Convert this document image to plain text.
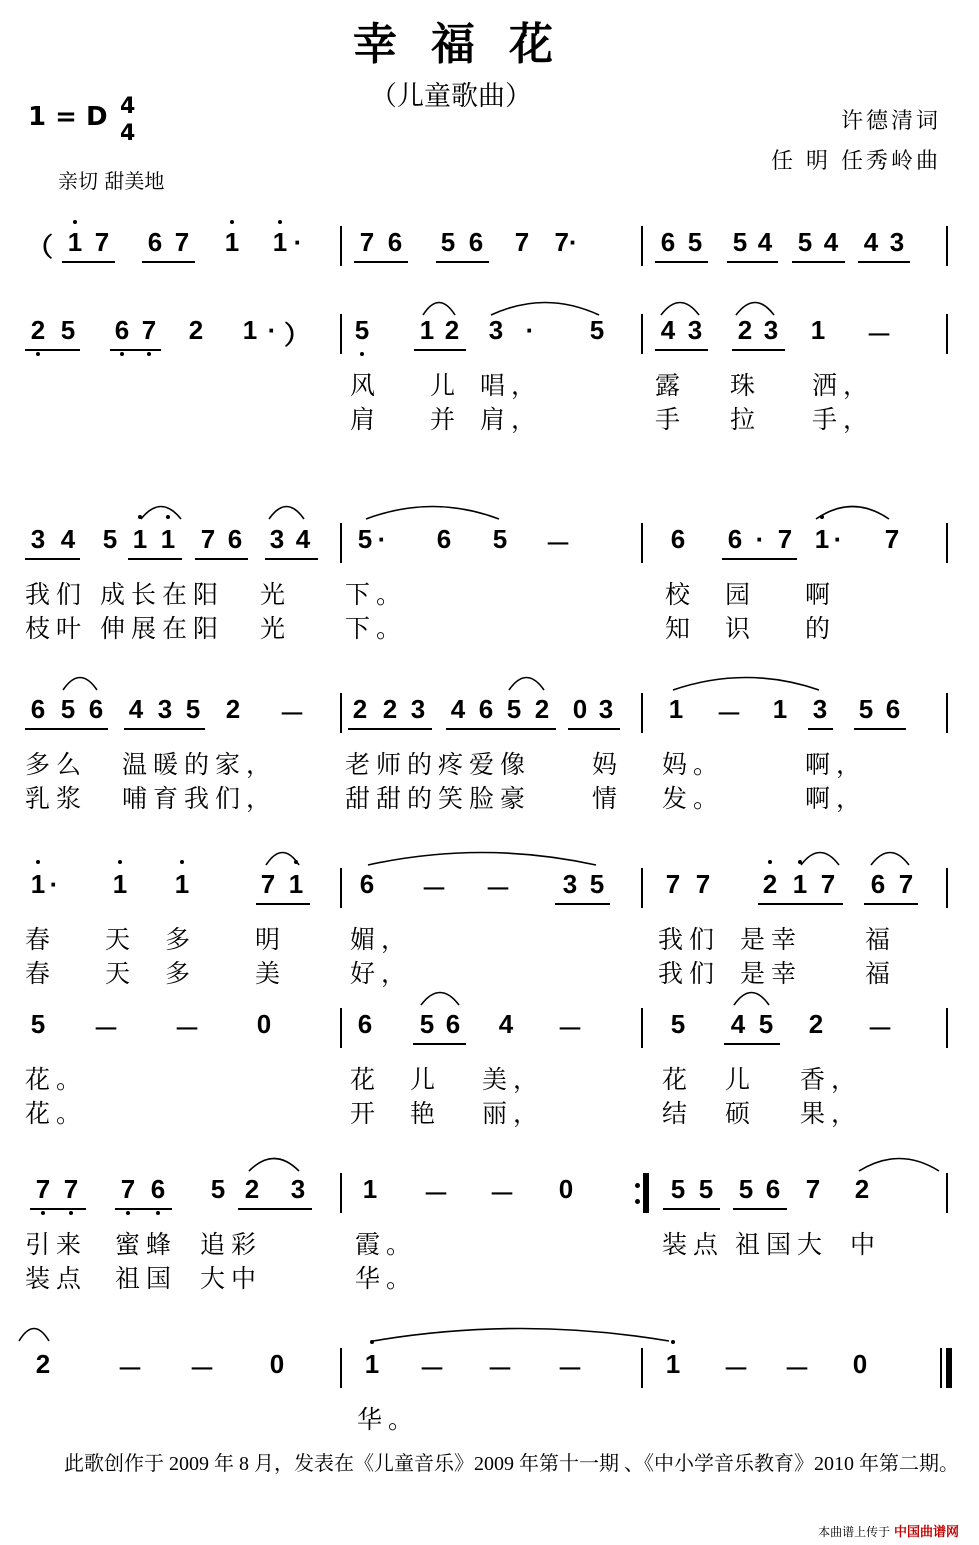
幸福花
（儿童歌曲）
1 = D 4
4	许德清词
任 明 任秀岭曲
亲切 甜美地
（ 1 7 6 7 1 1 · 7 6 5 6 7 7·	6 5 5 4 5 4 4 3
2 5 6 7 2 1 · ） 5 1 2 3 · 5 4 3 2 3 1 －
风 儿 唱，	露 珠 洒，
肩 并 肩，	手 拉 手，
3 4 5 1 1 7 6 3 4 5 · 6 5 －	6 6 · 7 1 · 7
我们 成长在阳 光 下。	校 园 啊
枝叶 伸展在阳 光 下。	知 识 的
6 5 6 4 3 5 2 － 2 2 3 4 6 5 2 0 3 1 － 1 3 5 6
多么 温暖的家，	老师的疼爱像 妈 妈。	啊，
乳浆 哺育我们，	甜甜的笑脸豪 情 发。	啊，
1 · 1 1	7 1 6 － － 3 5 7 7 2 1 7 6 7
春 天 多 明	媚，	我们 是幸	福
春 天 多 美	好，	我们 是幸	福
5 － － 0	6 5 6 4 －	5 4 5 2 －
花。	花 儿 美，	花 儿 香，
花。	开 艳 丽，	结 硕 果，
7 7 7 6 5 2 3 1 － － 0	5 5 5 6 7 2
引来 蜜蜂 追彩	霞。	装点 祖国大 中
装点 祖国 大中	华。
2	－ － 0	1 － － －	1 － － 0
华。
此歌创作于 2009 年 8 月，发表在《儿童音乐》2009 年第十一期 、《中小学音乐教育》2010 年第二期。
本曲谱上传于 中国曲谱网
